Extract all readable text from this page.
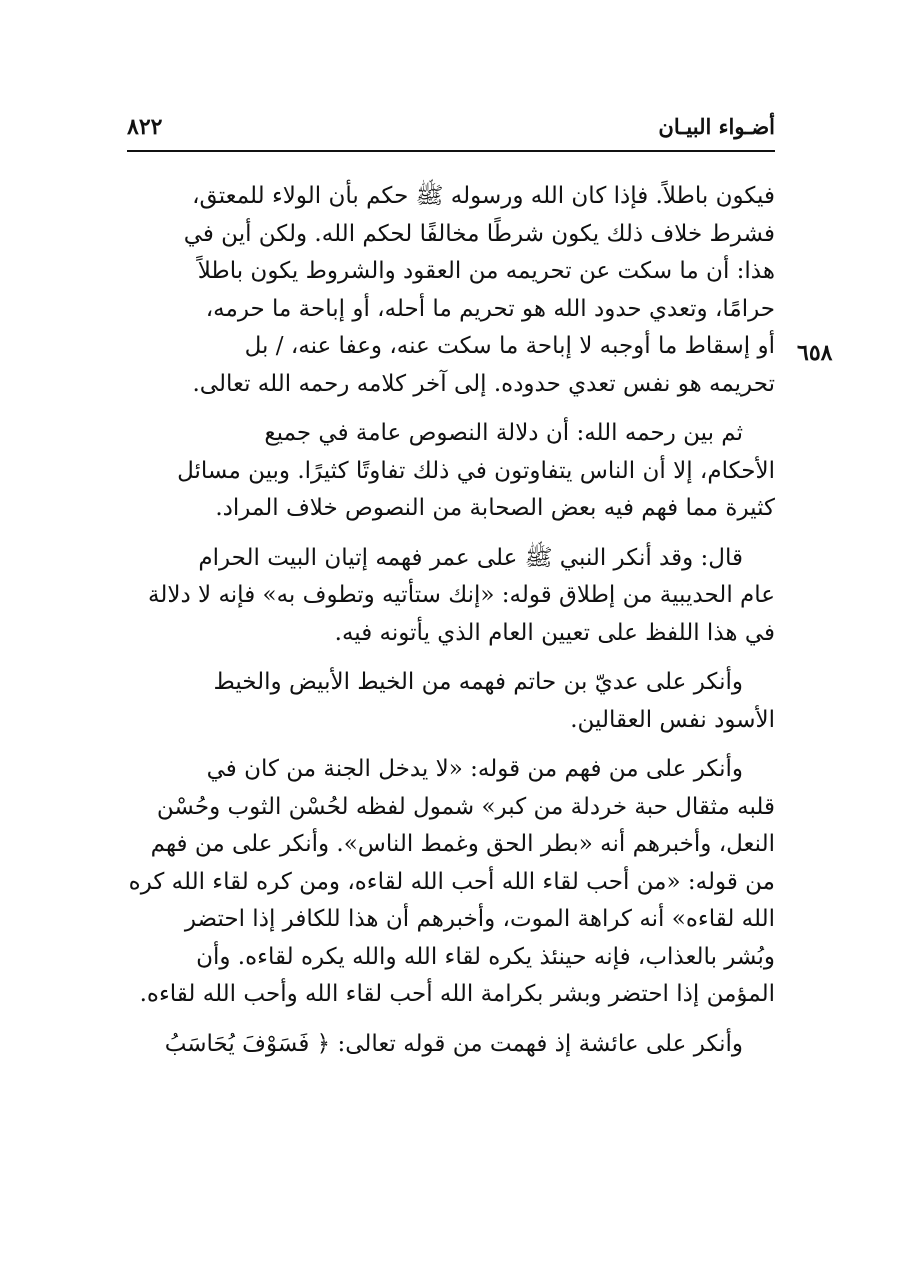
أضـواء البيـان
٨٢٢
٦٥٨
فيكون باطلاً. فإذا كان الله ورسوله ﷺ حكم بأن الولاء للمعتق،
فشرط خلاف ذلك يكون شرطًا مخالفًا لحكم الله. ولكن أين في
هذا: أن ما سكت عن تحريمه من العقود والشروط يكون باطلاً
حرامًا، وتعدي حدود الله هو تحريم ما أحله، أو إباحة ما حرمه،
أو إسقاط ما أوجبه لا إباحة ما سكت عنه، وعفا عنه، / بل
تحريمه هو نفس تعدي حدوده. إلى آخر كلامه رحمه الله تعالى.
ثم بين رحمه الله: أن دلالة النصوص عامة في جميع
الأحكام، إلا أن الناس يتفاوتون في ذلك تفاوتًا كثيرًا. وبين مسائل
كثيرة مما فهم فيه بعض الصحابة من النصوص خلاف المراد.
قال: وقد أنكر النبي ﷺ على عمر فهمه إتيان البيت الحرام
عام الحديبية من إطلاق قوله: «إنك ستأتيه وتطوف به» فإنه لا دلالة
في هذا اللفظ على تعيين العام الذي يأتونه فيه.
وأنكر على عديّ بن حاتم فهمه من الخيط الأبيض والخيط
الأسود نفس العقالين.
وأنكر على من فهم من قوله: «لا يدخل الجنة من كان في
قلبه مثقال حبة خردلة من كبر» شمول لفظه لحُسْن الثوب وحُسْن
النعل، وأخبرهم أنه «بطر الحق وغمط الناس». وأنكر على من فهم
من قوله: «من أحب لقاء الله أحب الله لقاءه، ومن كره لقاء الله كره
الله لقاءه» أنه كراهة الموت، وأخبرهم أن هذا للكافر إذا احتضر
وبُشر بالعذاب، فإنه حينئذ يكره لقاء الله والله يكره لقاءه. وأن
المؤمن إذا احتضر وبشر بكرامة الله أحب لقاء الله وأحب الله لقاءه.
وأنكر على عائشة إذ فهمت من قوله تعالى: ﴿ فَسَوْفَ يُحَاسَبُ
